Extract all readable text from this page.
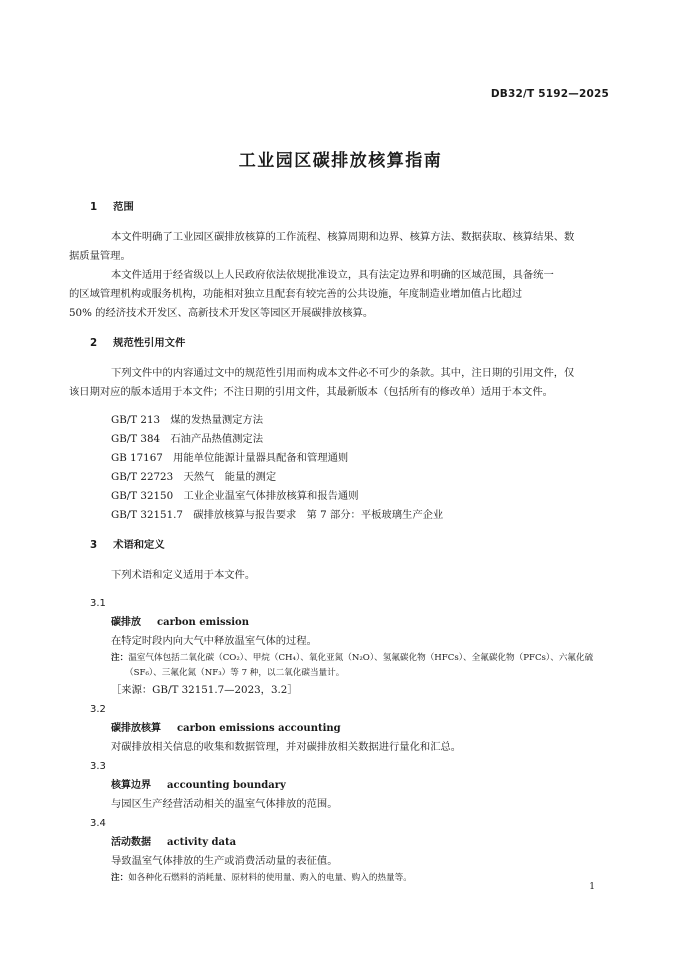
DB32/T 5192—2025
工业园区碳排放核算指南
1 范围
本文件明确了工业园区碳排放核算的工作流程、核算周期和边界、核算方法、数据获取、核算结果、数
据质量管理。
本文件适用于经省级以上人民政府依法依规批准设立，具有法定边界和明确的区域范围，具备统一
的区域管理机构或服务机构，功能相对独立且配套有较完善的公共设施，年度制造业增加值占比超过
50% 的经济技术开发区、高新技术开发区等园区开展碳排放核算。
2 规范性引用文件
下列文件中的内容通过文中的规范性引用而构成本文件必不可少的条款。其中，注日期的引用文件，仅
该日期对应的版本适用于本文件；不注日期的引用文件，其最新版本（包括所有的修改单）适用于本文件。
GB/T 213　煤的发热量测定方法
GB/T 384　石油产品热值测定法
GB 17167　用能单位能源计量器具配备和管理通则
GB/T 22723　天然气　能量的测定
GB/T 32150　工业企业温室气体排放核算和报告通则
GB/T 32151.7　碳排放核算与报告要求　第 7 部分：平板玻璃生产企业
3 术语和定义
下列术语和定义适用于本文件。
3.1
碳排放 carbon emission
在特定时段内向大气中释放温室气体的过程。
注：温室气体包括二氧化碳（CO₂）、甲烷（CH₄）、氧化亚氮（N₂O）、氢氟碳化物（HFCs）、全氟碳化物（PFCs）、六氟化硫
（SF₆）、三氟化氮（NF₃）等 7 种，以二氧化碳当量计。
［来源：GB/T 32151.7—2023，3.2］
3.2
碳排放核算 carbon emissions accounting
对碳排放相关信息的收集和数据管理，并对碳排放相关数据进行量化和汇总。
3.3
核算边界 accounting boundary
与园区生产经营活动相关的温室气体排放的范围。
3.4
活动数据 activity data
导致温室气体排放的生产或消费活动量的表征值。
注：如各种化石燃料的消耗量、原材料的使用量、购入的电量、购入的热量等。
1
